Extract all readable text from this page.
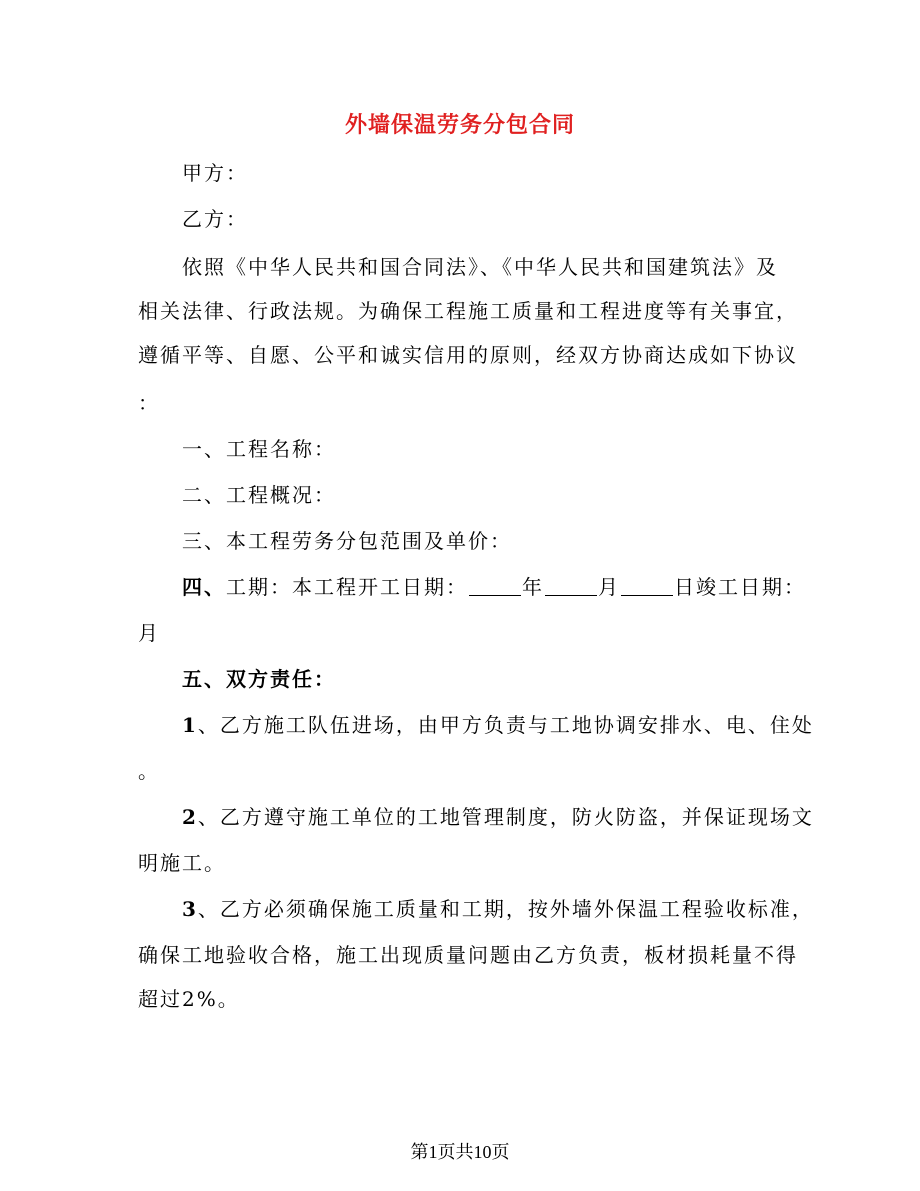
外墙保温劳务分包合同
甲方：
乙方：
依照《中华人民共和国合同法》、《中华人民共和国建筑法》及
相关法律、行政法规。为确保工程施工质量和工程进度等有关事宜，
遵循平等、自愿、公平和诚实信用的原则，经双方协商达成如下协议
：
一、工程名称：
二、工程概况：
三、本工程劳务分包范围及单价：
四、工期：本工程开工日期：	年	月	日竣工日期：
月
五、双方责任：
1、乙方施工队伍进场，由甲方负责与工地协调安排水、电、住处
。
2、乙方遵守施工单位的工地管理制度，防火防盗，并保证现场文
明施工。
3、乙方必须确保施工质量和工期，按外墙外保温工程验收标准，
确保工地验收合格，施工出现质量问题由乙方负责，板材损耗量不得
超过2%。
第1页共10页
